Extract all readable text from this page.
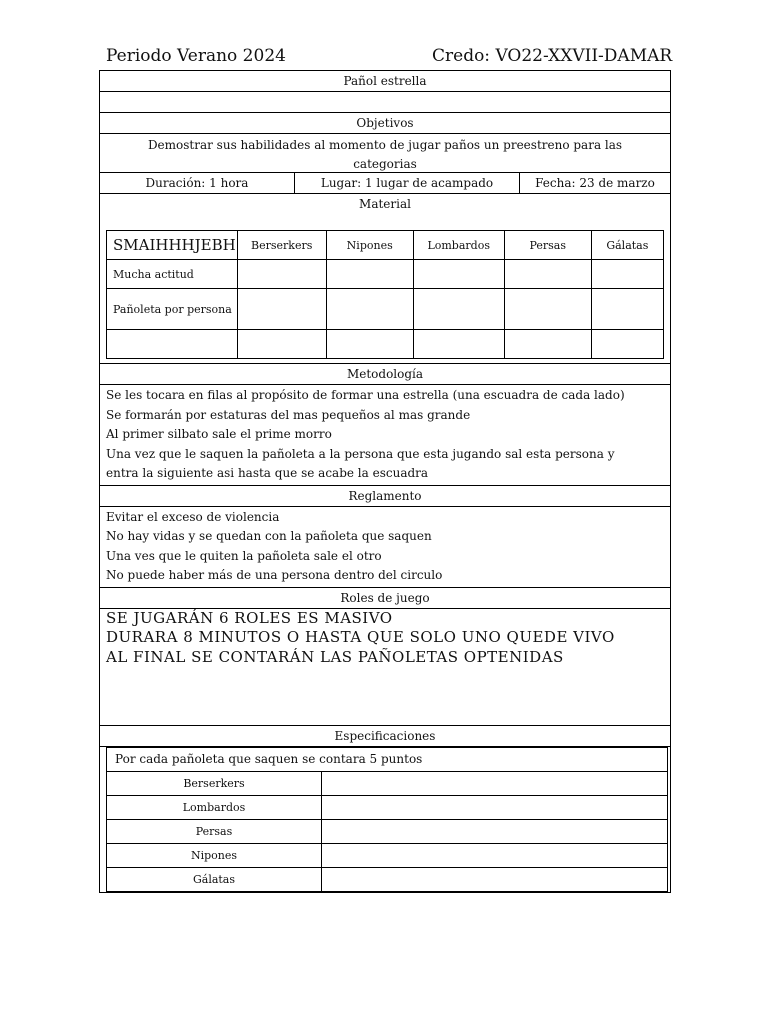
Periodo Verano 2024	Credo: VO22-XXVII-DAMAR
Pañol estrella
Objetivos
Demostrar sus habilidades al momento de jugar paños un preestreno para las categorias
Duración: 1 hora	Lugar: 1 lugar de acampado	Fecha: 23 de marzo
Material
SMAIHHHJEBH	Berserkers	Nipones	Lombardos	Persas	Gálatas
Mucha actitud					
Pañoleta por persona					

Metodología
Se les tocara en filas al propósito de formar una estrella (una escuadra de cada lado)
Se formarán por estaturas del mas pequeños al mas grande
Al primer silbato sale el prime morro
Una vez que le saquen la pañoleta a la persona que esta jugando sal esta persona y
entra la siguiente asi hasta que se acabe la escuadra
Reglamento
Evitar el exceso de violencia
No hay vidas y se quedan con la pañoleta que saquen
Una ves que le quiten la pañoleta sale el otro
No puede haber más de una persona dentro del circulo
Roles de juego
SE JUGARÁN 6 ROLES ES MASIVO
DURARA 8 MINUTOS O HASTA QUE SOLO UNO QUEDE VIVO
AL FINAL SE CONTARÁN LAS PAÑOLETAS OPTENIDAS
Especificaciones
Por cada pañoleta que saquen se contara 5 puntos	
Berserkers	
Lombardos	
Persas	
Nipones	
Gálatas	
